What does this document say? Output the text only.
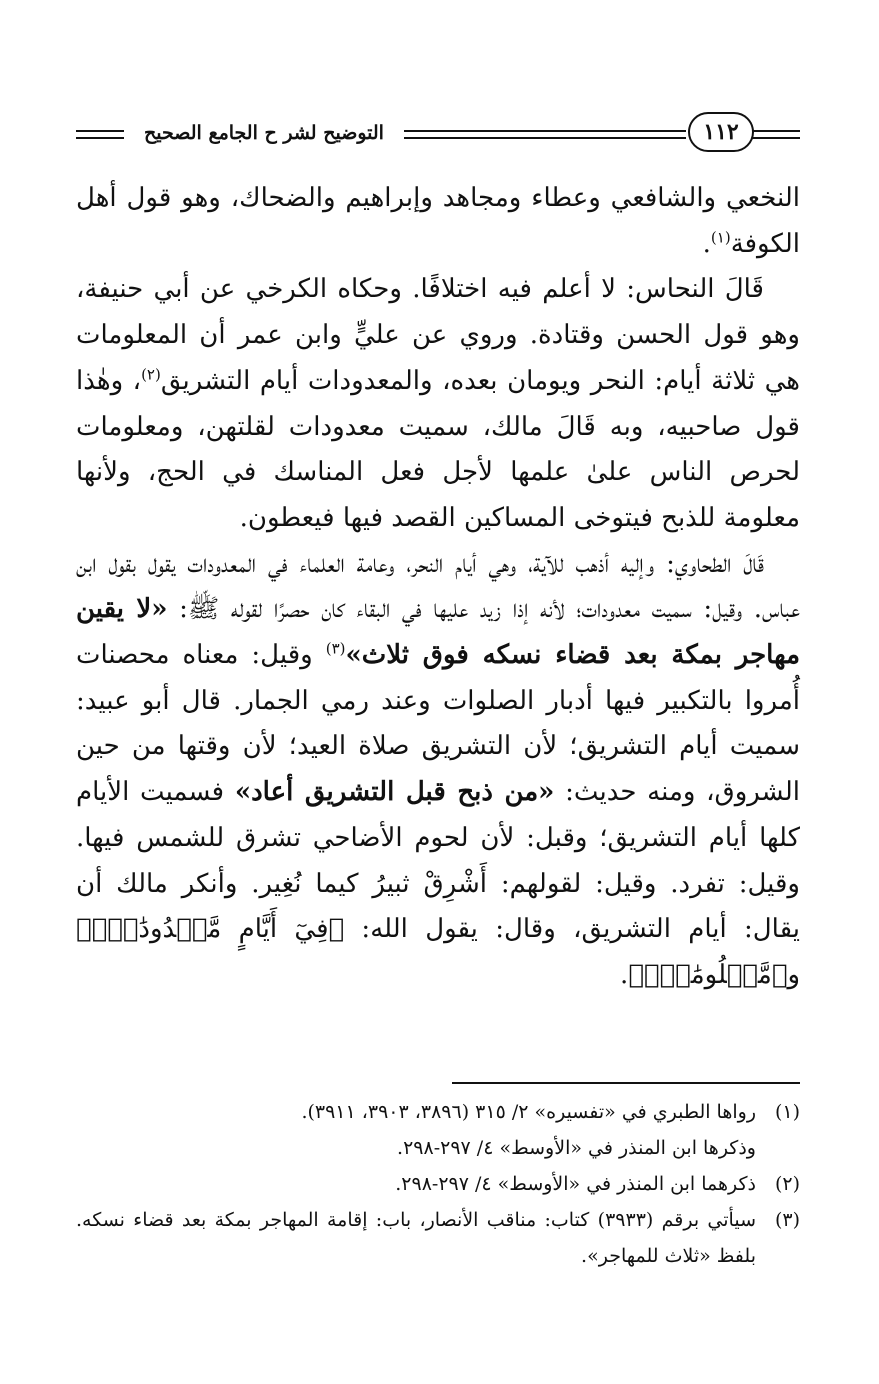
التوضيح لشر ح الجامع الصحيح	١١٢

النخعي والشافعي وعطاء ومجاهد وإبراهيم والضحاك، وهو قول أهل الكوفة$^{(١)}$.

قَالَ النحاس: لا أعلم فيه اختلافًا. وحكاه الكرخي عن أبي حنيفة، وهو قول الحسن وقتادة. وروي عن عليٍّ وابن عمر أن المعلومات هي ثلاثة أيام: النحر ويومان بعده، والمعدودات أيام التشريق$^{(٢)}$، وهٰذا قول صاحبيه، وبه قَالَ مالك، سميت معدودات لقلتهن، ومعلومات لحرص الناس علىٰ علمها لأجل فعل المناسك في الحج، ولأنها معلومة للذبح فيتوخى المساكين القصد فيها فيعطون.

قَالَ الطحاوي: وإليه أذهب للآية، وهي أيام النحر، وعامة العلماء في المعدودات يقول بقول ابن عباس. وقيل: سميت معدودات؛ لأنه إذا زيد عليها في البقاء كان حصرًا لقوله ﷺ: «لا يقين مهاجر بمكة بعد قضاء نسكه فوق ثلاث»$^{(٣)}$ وقيل: معناه محصنات أُمروا بالتكبير فيها أدبار الصلوات وعند رمي الجمار. قال أبو عبيد: سميت أيام التشريق؛ لأن التشريق صلاة العيد؛ لأن وقتها من حين الشروق، ومنه حديث: «من ذبح قبل التشريق أعاد» فسميت الأيام كلها أيام التشريق؛ وقبل: لأن لحوم الأضاحي تشرق للشمس فيها. وقيل: تفرد. وقيل: لقولهم: أَشْرِقْ ثبيرُ كيما نُغِير. وأنكر مالك أن يقال: أيام التشريق، وقال: يقول الله: ﴿فِيٓ أَيَّامٍ مَّعۡدُودَٰتٍۚ﴾ و﴿مَّعۡلُومَٰتٍۚ﴾.

(١)
رواها الطبري في «تفسيره» ٢/ ٣١٥ (٣٨٩٦، ٣٩٠٣، ٣٩١١).
وذكرها ابن المنذر في «الأوسط» ٤/ ٢٩٧-٢٩٨.
(٢)
ذكرهما ابن المنذر في «الأوسط» ٤/ ٢٩٧-٢٩٨.
(٣)
سيأتي برقم (٣٩٣٣) كتاب: مناقب الأنصار، باب: إقامة المهاجر بمكة بعد قضاء نسكه. بلفظ «ثلاث للمهاجر».
